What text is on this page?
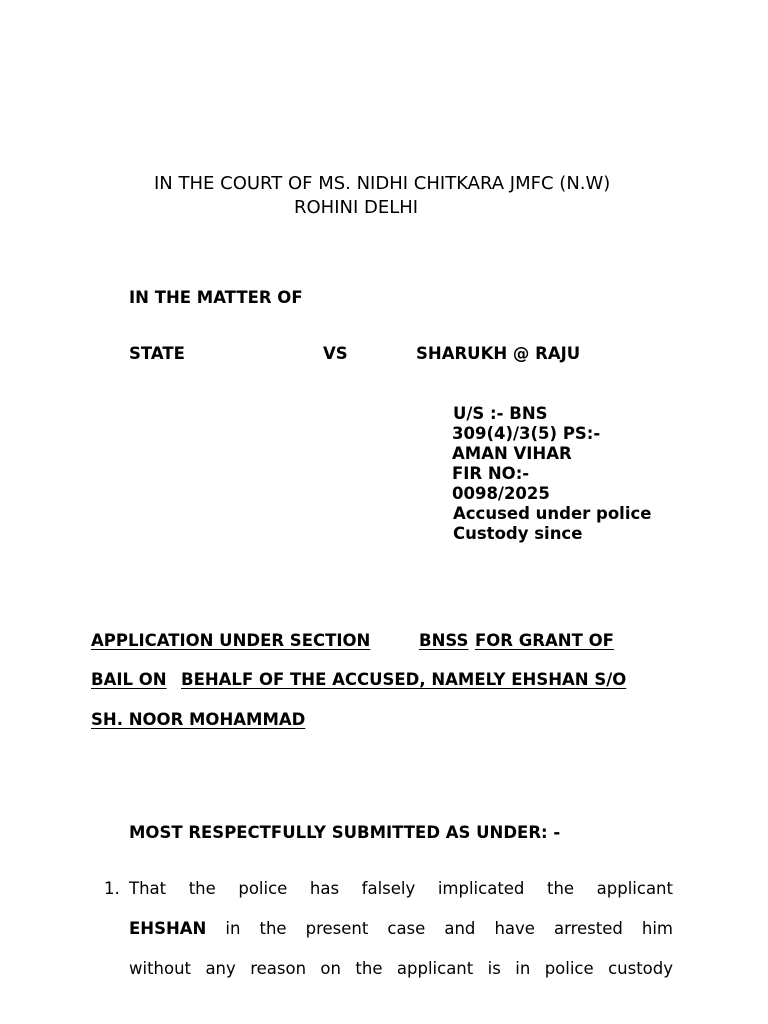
IN THE COURT OF MS. NIDHI CHITKARA JMFC (N.W)
ROHINI DELHI
IN THE MATTER OF
STATE	VS	SHARUKH @ RAJU
U/S :- BNS
309(4)/3(5) PS:-
AMAN VIHAR
FIR NO:-
0098/2025
Accused under police
Custody since
APPLICATION UNDER SECTION	BNSS FOR GRANT OF
BAIL ON BEHALF OF THE ACCUSED, NAMELY EHSHAN S/O
SH. NOOR MOHAMMAD
MOST RESPECTFULLY SUBMITTED AS UNDER: -
1. That the police has falsely implicated the applicant
EHSHAN in the present case and have arrested him
without any reason on the applicant is in police custody
